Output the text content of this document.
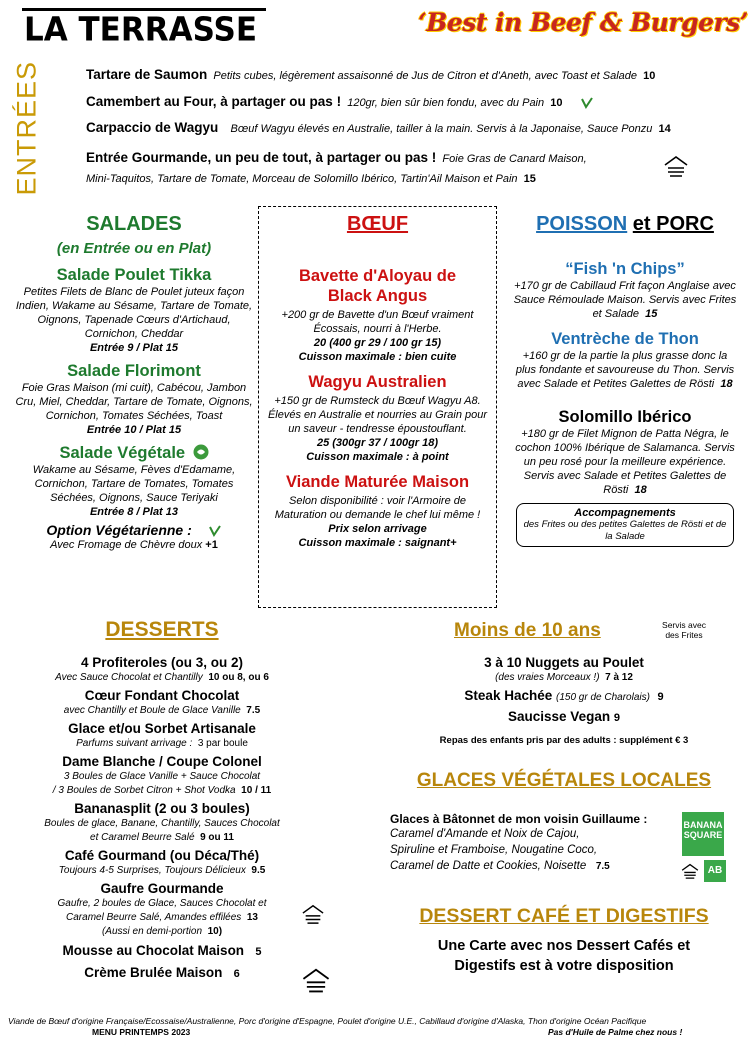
LA TERRASSE	‘Best in Beef & Burgers’
ENTRÉES	Tartare de Saumon Petits cubes, légèrement assaisonné de Jus de Citron et d'Aneth, avec Toast et Salade 10
Camembert au Four, à partager ou pas ! 120gr, bien sûr bien fondu, avec du Pain 10
Carpaccio de Wagyu Bœuf Wagyu élevés en Australie, tailler à la main. Servis à la Japonaise, Sauce Ponzu 14
Entrée Gourmande, un peu de tout, à partager ou pas ! Foie Gras de Canard Maison,
Mini-Taquitos, Tartare de Tomate, Morceau de Solomillo Ibérico, Tartin'Ail Maison et Pain 15
SALADES
(en Entrée ou en Plat)
Salade Poulet Tikka
Petites Filets de Blanc de Poulet juteux façon Indien, Wakame au Sésame, Tartare de Tomate, Oignons, Tapenade Cœurs d'Artichaud, Cornichon, Cheddar
Entrée 9 / Plat 15
Salade Florimont
Foie Gras Maison (mi cuit), Cabécou, Jambon Cru, Miel, Cheddar, Tartare de Tomate, Oignons, Cornichon, Tomates Séchées, Toast
Entrée 10 / Plat 15
Salade Végétale
Wakame au Sésame, Fèves d'Edamame, Cornichon, Tartare de Tomates, Tomates Séchées, Oignons, Sauce Teriyaki
Entrée 8 / Plat 13
Option Végétarienne :
Avec Fromage de Chèvre doux +1
BŒUF
Bavette d'Aloyau de Black Angus
+200 gr de Bavette d'un Bœuf vraiment Écossais, nourri à l'Herbe.
20 (400 gr 29 / 100 gr 15)
Cuisson maximale : bien cuite
Wagyu Australien
+150 gr de Rumsteck du Bœuf Wagyu A8. Élevés en Australie et nourries au Grain pour un saveur - tendresse époustouflant.
25 (300gr 37 / 100gr 18)
Cuisson maximale : à point
Viande Maturée Maison
Selon disponibilité : voir l'Armoire de Maturation ou demande le chef lui même !
Prix selon arrivage
Cuisson maximale : saignant+
POISSON et PORC
“Fish 'n Chips”
+170 gr de Cabillaud Frit façon Anglaise avec Sauce Rémoulade Maison. Servis avec Frites et Salade 15
Ventrèche de Thon
+160 gr de la partie la plus grasse donc la plus fondante et savoureuse du Thon. Servis avec Salade et Petites Galettes de Rösti 18
Solomillo Ibérico
+180 gr de Filet Mignon de Patta Négra, le cochon 100% Ibérique de Salamanca. Servis un peu rosé pour la meilleure expérience. Servis avec Salade et Petites Galettes de Rösti 18
Accompagnements
des Frites ou des petites Galettes de Rösti et de la Salade
DESSERTS
4 Profiteroles (ou 3, ou 2)
Avec Sauce Chocolat et Chantilly 10 ou 8, ou 6
Cœur Fondant Chocolat
avec Chantilly et Boule de Glace Vanille 7.5
Glace et/ou Sorbet Artisanale
Parfums suivant arrivage : 3 par boule
Dame Blanche / Coupe Colonel
3 Boules de Glace Vanille + Sauce Chocolat
/ 3 Boules de Sorbet Citron + Shot Vodka 10 / 11
Bananasplit (2 ou 3 boules)
Boules de glace, Banane, Chantilly, Sauces Chocolat
et Caramel Beurre Salé 9 ou 11
Café Gourmand (ou Déca/Thé)
Toujours 4-5 Surprises, Toujours Délicieux 9.5
Gaufre Gourmande
Gaufre, 2 boules de Glace, Sauces Chocolat et
Caramel Beurre Salé, Amandes effilées 13
(Aussi en demi-portion 10)
Mousse au Chocolat Maison 5
Crème Brulée Maison 6
Moins de 10 ans	Servis avec des Frites
3 à 10 Nuggets au Poulet
(des vraies Morceaux !) 7 à 12
Steak Hachée (150 gr de Charolais) 9
Saucisse Vegan 9
Repas des enfants pris par des adults : supplément € 3
GLACES VÉGÉTALES LOCALES
Glaces à Bâtonnet de mon voisin Guillaume :
Caramel d'Amande et Noix de Cajou,
Spiruline et Framboise, Nougatine Coco,
Caramel de Datte et Cookies, Noisette 7.5
BANANA
SQUARE
AB
DESSERT CAFÉ ET DIGESTIFS
Une Carte avec nos Dessert Cafés et
Digestifs est à votre disposition
Viande de Bœuf d'origine Française/Ecossaise/Australienne, Porc d'origine d'Espagne, Poulet d'origine U.E., Cabillaud d'origine d'Alaska, Thon d'origine Océan Pacifique
MENU PRINTEMPS 2023	Pas d'Huile de Palme chez nous !
